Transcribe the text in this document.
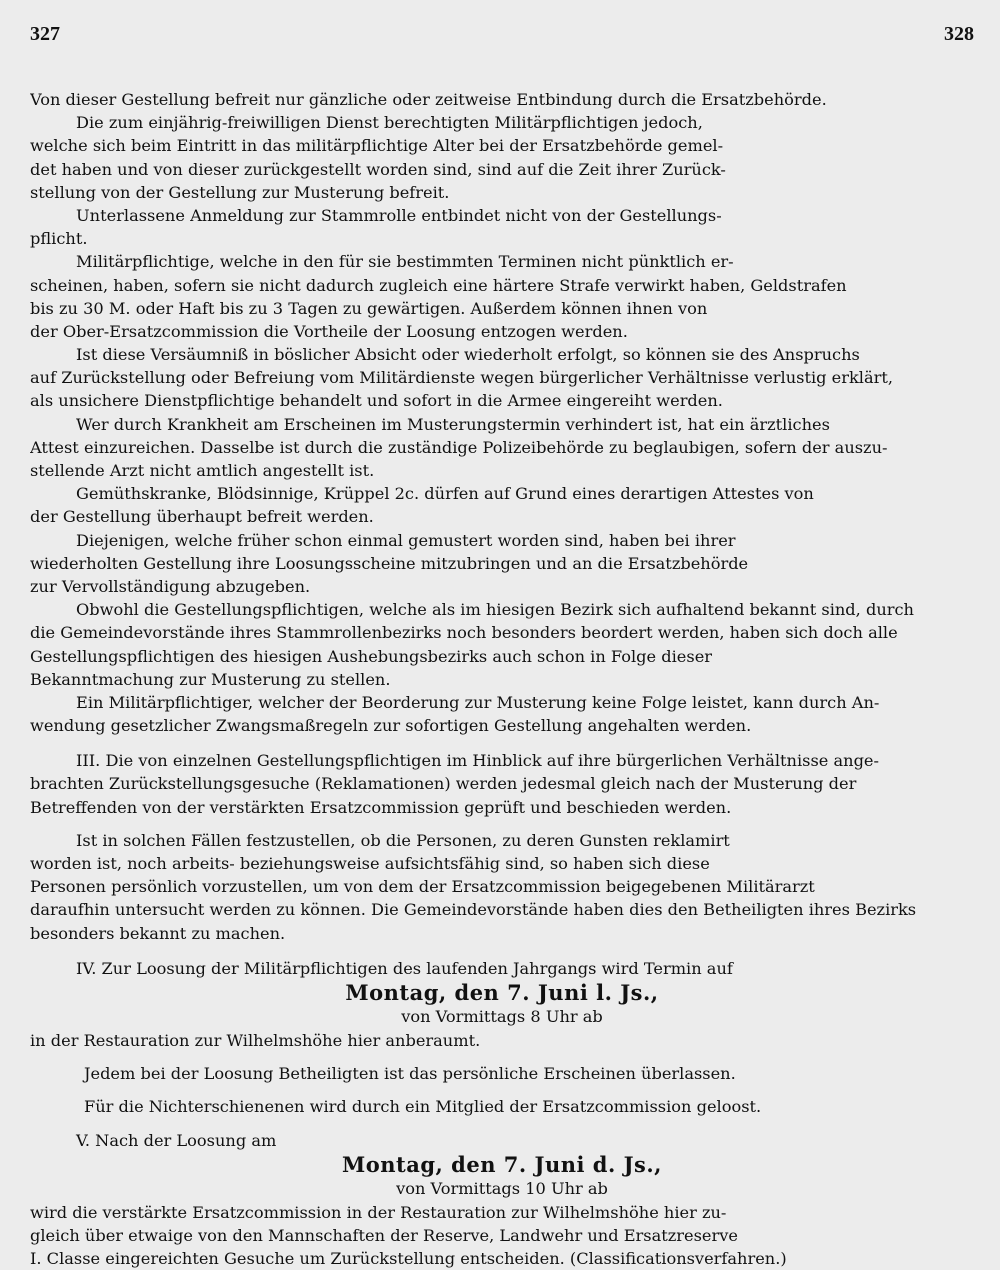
327	328
Von dieser Gestellung befreit nur gänzliche oder zeitweise Entbindung durch die Ersatzbehörde.
Die zum einjährig-freiwilligen Dienst berechtigten Militärpflichtigen jedoch,
welche sich beim Eintritt in das militärpflichtige Alter bei der Ersatzbehörde gemel-
det haben und von dieser zurückgestellt worden sind, sind auf die Zeit ihrer Zurück-
stellung von der Gestellung zur Musterung befreit.
Unterlassene Anmeldung zur Stammrolle entbindet nicht von der Gestellungs-
pflicht.
Militärpflichtige, welche in den für sie bestimmten Terminen nicht pünktlich er-
scheinen, haben, sofern sie nicht dadurch zugleich eine härtere Strafe verwirkt haben, Geldstrafen
bis zu 30 M. oder Haft bis zu 3 Tagen zu gewärtigen. Außerdem können ihnen von
der Ober-Ersatzcommission die Vortheile der Loosung entzogen werden.
Ist diese Versäumniß in böslicher Absicht oder wiederholt erfolgt, so können sie des Anspruchs
auf Zurückstellung oder Befreiung vom Militärdienste wegen bürgerlicher Verhältnisse verlustig erklärt,
als unsichere Dienstpflichtige behandelt und sofort in die Armee eingereiht werden.
Wer durch Krankheit am Erscheinen im Musterungstermin verhindert ist, hat ein ärztliches
Attest einzureichen. Dasselbe ist durch die zuständige Polizeibehörde zu beglaubigen, sofern der auszu-
stellende Arzt nicht amtlich angestellt ist.
Gemüthskranke, Blödsinnige, Krüppel 2c. dürfen auf Grund eines derartigen Attestes von
der Gestellung überhaupt befreit werden.
Diejenigen, welche früher schon einmal gemustert worden sind, haben bei ihrer
wiederholten Gestellung ihre Loosungsscheine mitzubringen und an die Ersatzbehörde
zur Vervollständigung abzugeben.
Obwohl die Gestellungspflichtigen, welche als im hiesigen Bezirk sich aufhaltend bekannt sind, durch
die Gemeindevorstände ihres Stammrollenbezirks noch besonders beordert werden, haben sich doch alle
Gestellungspflichtigen des hiesigen Aushebungsbezirks auch schon in Folge dieser
Bekanntmachung zur Musterung zu stellen.
Ein Militärpflichtiger, welcher der Beorderung zur Musterung keine Folge leistet, kann durch An-
wendung gesetzlicher Zwangsmaßregeln zur sofortigen Gestellung angehalten werden.
III. Die von einzelnen Gestellungspflichtigen im Hinblick auf ihre bürgerlichen Verhältnisse ange-
brachten Zurückstellungsgesuche (Reklamationen) werden jedesmal gleich nach der Musterung der
Betreffenden von der verstärkten Ersatzcommission geprüft und beschieden werden.
Ist in solchen Fällen festzustellen, ob die Personen, zu deren Gunsten reklamirt
worden ist, noch arbeits- beziehungsweise aufsichtsfähig sind, so haben sich diese
Personen persönlich vorzustellen, um von dem der Ersatzcommission beigegebenen Militärarzt
daraufhin untersucht werden zu können. Die Gemeindevorstände haben dies den Betheiligten ihres Bezirks
besonders bekannt zu machen.
IV. Zur Loosung der Militärpflichtigen des laufenden Jahrgangs wird Termin auf
Montag, den 7. Juni l. Js.,
von Vormittags 8 Uhr ab
in der Restauration zur Wilhelmshöhe hier anberaumt.
Jedem bei der Loosung Betheiligten ist das persönliche Erscheinen überlassen.
Für die Nichterschienenen wird durch ein Mitglied der Ersatzcommission geloost.
V. Nach der Loosung am
Montag, den 7. Juni d. Js.,
von Vormittags 10 Uhr ab
wird die verstärkte Ersatzcommission in der Restauration zur Wilhelmshöhe hier zu-
gleich über etwaige von den Mannschaften der Reserve, Landwehr und Ersatzreserve
I. Classe eingereichten Gesuche um Zurückstellung entscheiden. (Classificationsverfahren.)
